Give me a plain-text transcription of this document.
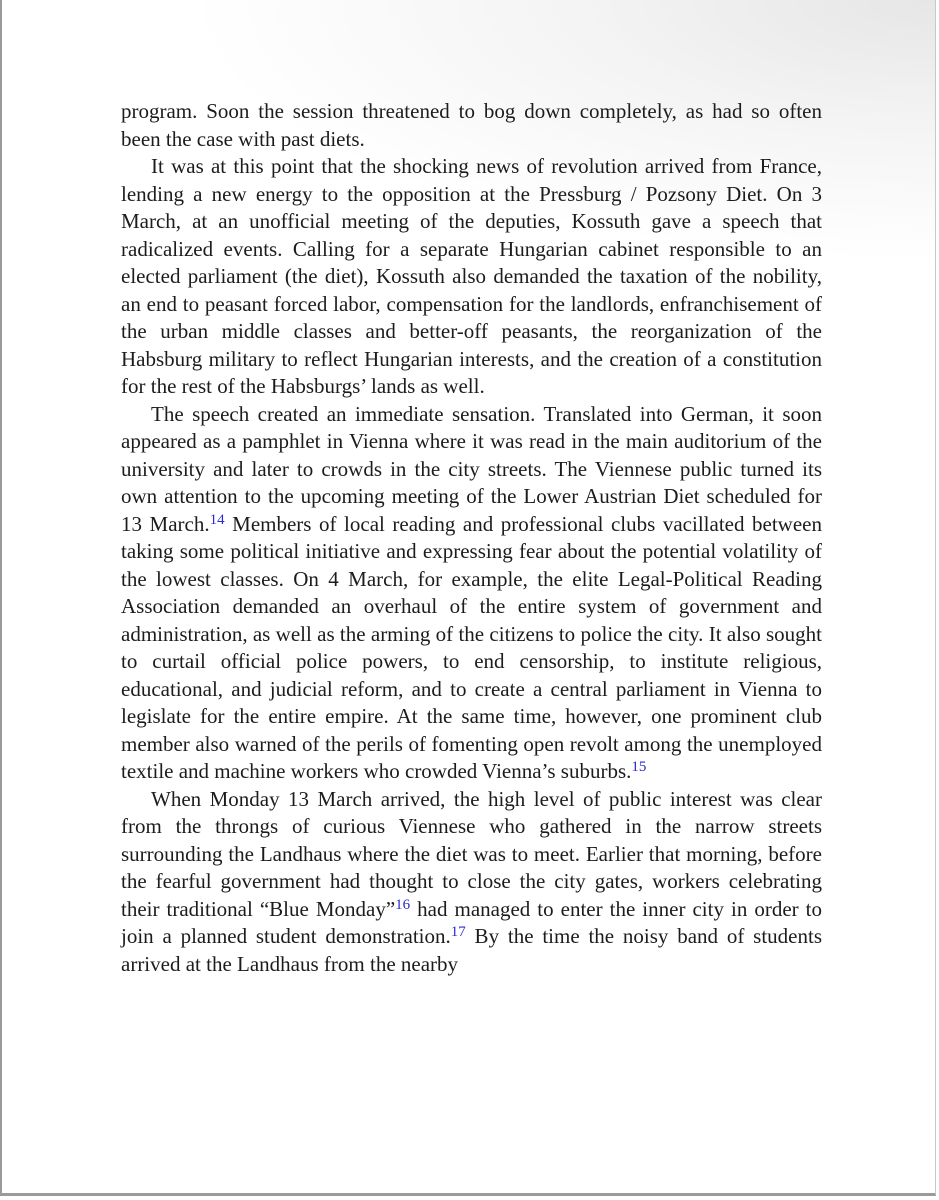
program. Soon the session threatened to bog down completely, as had so often been the case with past diets.

It was at this point that the shocking news of revolution arrived from France, lending a new energy to the opposition at the Pressburg / Pozsony Diet. On 3 March, at an unofficial meeting of the deputies, Kossuth gave a speech that radicalized events. Calling for a separate Hungarian cabinet responsible to an elected parliament (the diet), Kossuth also demanded the taxation of the nobility, an end to peasant forced labor, compensation for the landlords, enfranchisement of the urban middle classes and better-off peasants, the reorganization of the Habsburg military to reflect Hungarian interests, and the creation of a constitution for the rest of the Habsburgs’ lands as well.

The speech created an immediate sensation. Translated into German, it soon appeared as a pamphlet in Vienna where it was read in the main auditorium of the university and later to crowds in the city streets. The Viennese public turned its own attention to the upcoming meeting of the Lower Austrian Diet scheduled for 13 March.$^{14}$ Members of local reading and professional clubs vacillated between taking some political initiative and expressing fear about the potential volatility of the lowest classes. On 4 March, for example, the elite Legal-Political Reading Association demanded an overhaul of the entire system of government and administration, as well as the arming of the citizens to police the city. It also sought to curtail official police powers, to end censorship, to institute religious, educational, and judicial reform, and to create a central parliament in Vienna to legislate for the entire empire. At the same time, however, one prominent club member also warned of the perils of fomenting open revolt among the unemployed textile and machine workers who crowded Vienna’s suburbs.$^{15}$

When Monday 13 March arrived, the high level of public interest was clear from the throngs of curious Viennese who gathered in the narrow streets surrounding the Landhaus where the diet was to meet. Earlier that morning, before the fearful government had thought to close the city gates, workers celebrating their traditional “Blue Monday”$^{16}$ had managed to enter the inner city in order to join a planned student demonstration.$^{17}$ By the time the noisy band of students arrived at the Landhaus from the nearby
